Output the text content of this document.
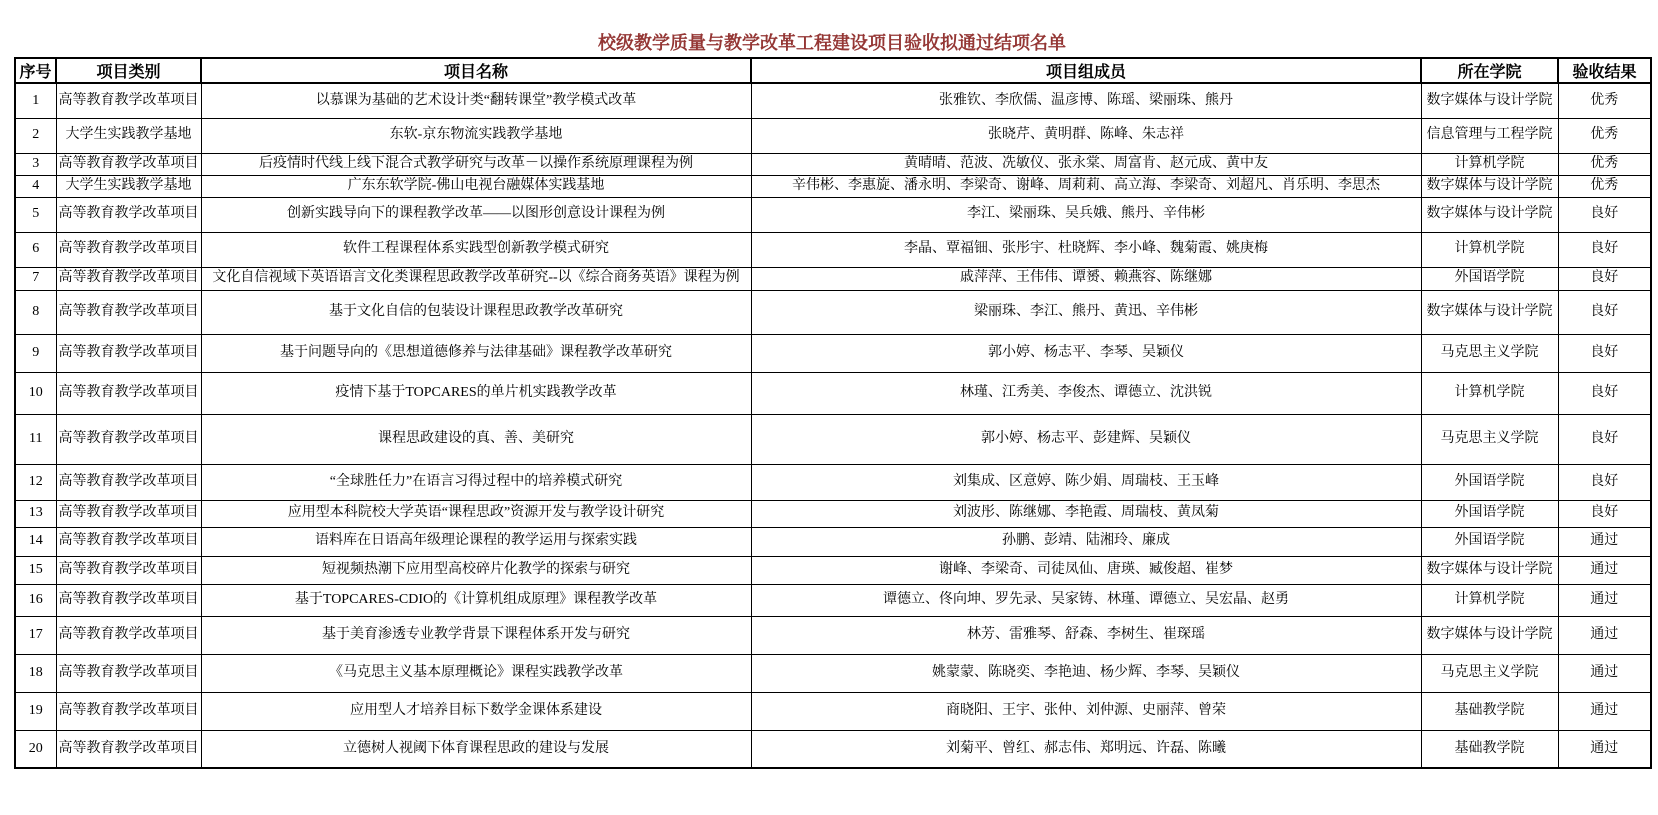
校级教学质量与教学改革工程建设项目验收拟通过结项名单
序号	项目类别	项目名称	项目组成员	所在学院	验收结果
1	高等教育教学改革项目	以慕课为基础的艺术设计类“翻转课堂”教学模式改革	张雅钦、李欣儒、温彦博、陈瑶、梁丽珠、熊丹	数字媒体与设计学院	优秀
2	大学生实践教学基地	东软-京东物流实践教学基地	张晓芹、黄明群、陈峰、朱志祥	信息管理与工程学院	优秀
3	高等教育教学改革项目	后疫情时代线上线下混合式教学研究与改革－以操作系统原理课程为例	黄晴晴、范波、冼敏仪、张永棠、周富肯、赵元成、黄中友	计算机学院	优秀
4	大学生实践教学基地	广东东软学院-佛山电视台融媒体实践基地	辛伟彬、李惠旋、潘永明、李梁奇、谢峰、周莉莉、高立海、李梁奇、刘超凡、肖乐明、李思杰	数字媒体与设计学院	优秀
5	高等教育教学改革项目	创新实践导向下的课程教学改革——以图形创意设计课程为例	李江、梁丽珠、吴兵娥、熊丹、辛伟彬	数字媒体与设计学院	良好
6	高等教育教学改革项目	软件工程课程体系实践型创新教学模式研究	李晶、覃福钿、张彤宇、杜晓辉、李小峰、魏菊霞、姚庚梅	计算机学院	良好
7	高等教育教学改革项目	文化自信视域下英语语言文化类课程思政教学改革研究--以《综合商务英语》课程为例	戚萍萍、王伟伟、谭赟、赖燕容、陈继娜	外国语学院	良好
8	高等教育教学改革项目	基于文化自信的包装设计课程思政教学改革研究	梁丽珠、李江、熊丹、黄迅、辛伟彬	数字媒体与设计学院	良好
9	高等教育教学改革项目	基于问题导向的《思想道德修养与法律基础》课程教学改革研究	郭小婷、杨志平、李琴、吴颖仪	马克思主义学院	良好
10	高等教育教学改革项目	疫情下基于TOPCARES的单片机实践教学改革	林瑾、江秀美、李俊杰、谭德立、沈洪锐	计算机学院	良好
11	高等教育教学改革项目	课程思政建设的真、善、美研究	郭小婷、杨志平、彭建辉、吴颖仪	马克思主义学院	良好
12	高等教育教学改革项目	“全球胜任力”在语言习得过程中的培养模式研究	刘集成、区意婷、陈少娟、周瑞枝、王玉峰	外国语学院	良好
13	高等教育教学改革项目	应用型本科院校大学英语“课程思政”资源开发与教学设计研究	刘波彤、陈继娜、李艳霞、周瑞枝、黄凤菊	外国语学院	良好
14	高等教育教学改革项目	语料库在日语高年级理论课程的教学运用与探索实践	孙鹏、彭靖、陆湘玲、廉成	外国语学院	通过
15	高等教育教学改革项目	短视频热潮下应用型高校碎片化教学的探索与研究	谢峰、李梁奇、司徒凤仙、唐瑛、臧俊超、崔梦	数字媒体与设计学院	通过
16	高等教育教学改革项目	基于TOPCARES-CDIO的《计算机组成原理》课程教学改革	谭德立、佟向坤、罗先录、吴家铸、林瑾、谭德立、吴宏晶、赵勇	计算机学院	通过
17	高等教育教学改革项目	基于美育渗透专业教学背景下课程体系开发与研究	林芳、雷雅琴、舒森、李树生、崔琛瑶	数字媒体与设计学院	通过
18	高等教育教学改革项目	《马克思主义基本原理概论》课程实践教学改革	姚蒙蒙、陈晓奕、李艳迪、杨少辉、李琴、吴颖仪	马克思主义学院	通过
19	高等教育教学改革项目	应用型人才培养目标下数学金课体系建设	商晓阳、王宇、张仲、刘仲源、史丽萍、曾荣	基础教学院	通过
20	高等教育教学改革项目	立德树人视阈下体育课程思政的建设与发展	刘菊平、曾红、郝志伟、郑明远、许磊、陈曦	基础教学院	通过
